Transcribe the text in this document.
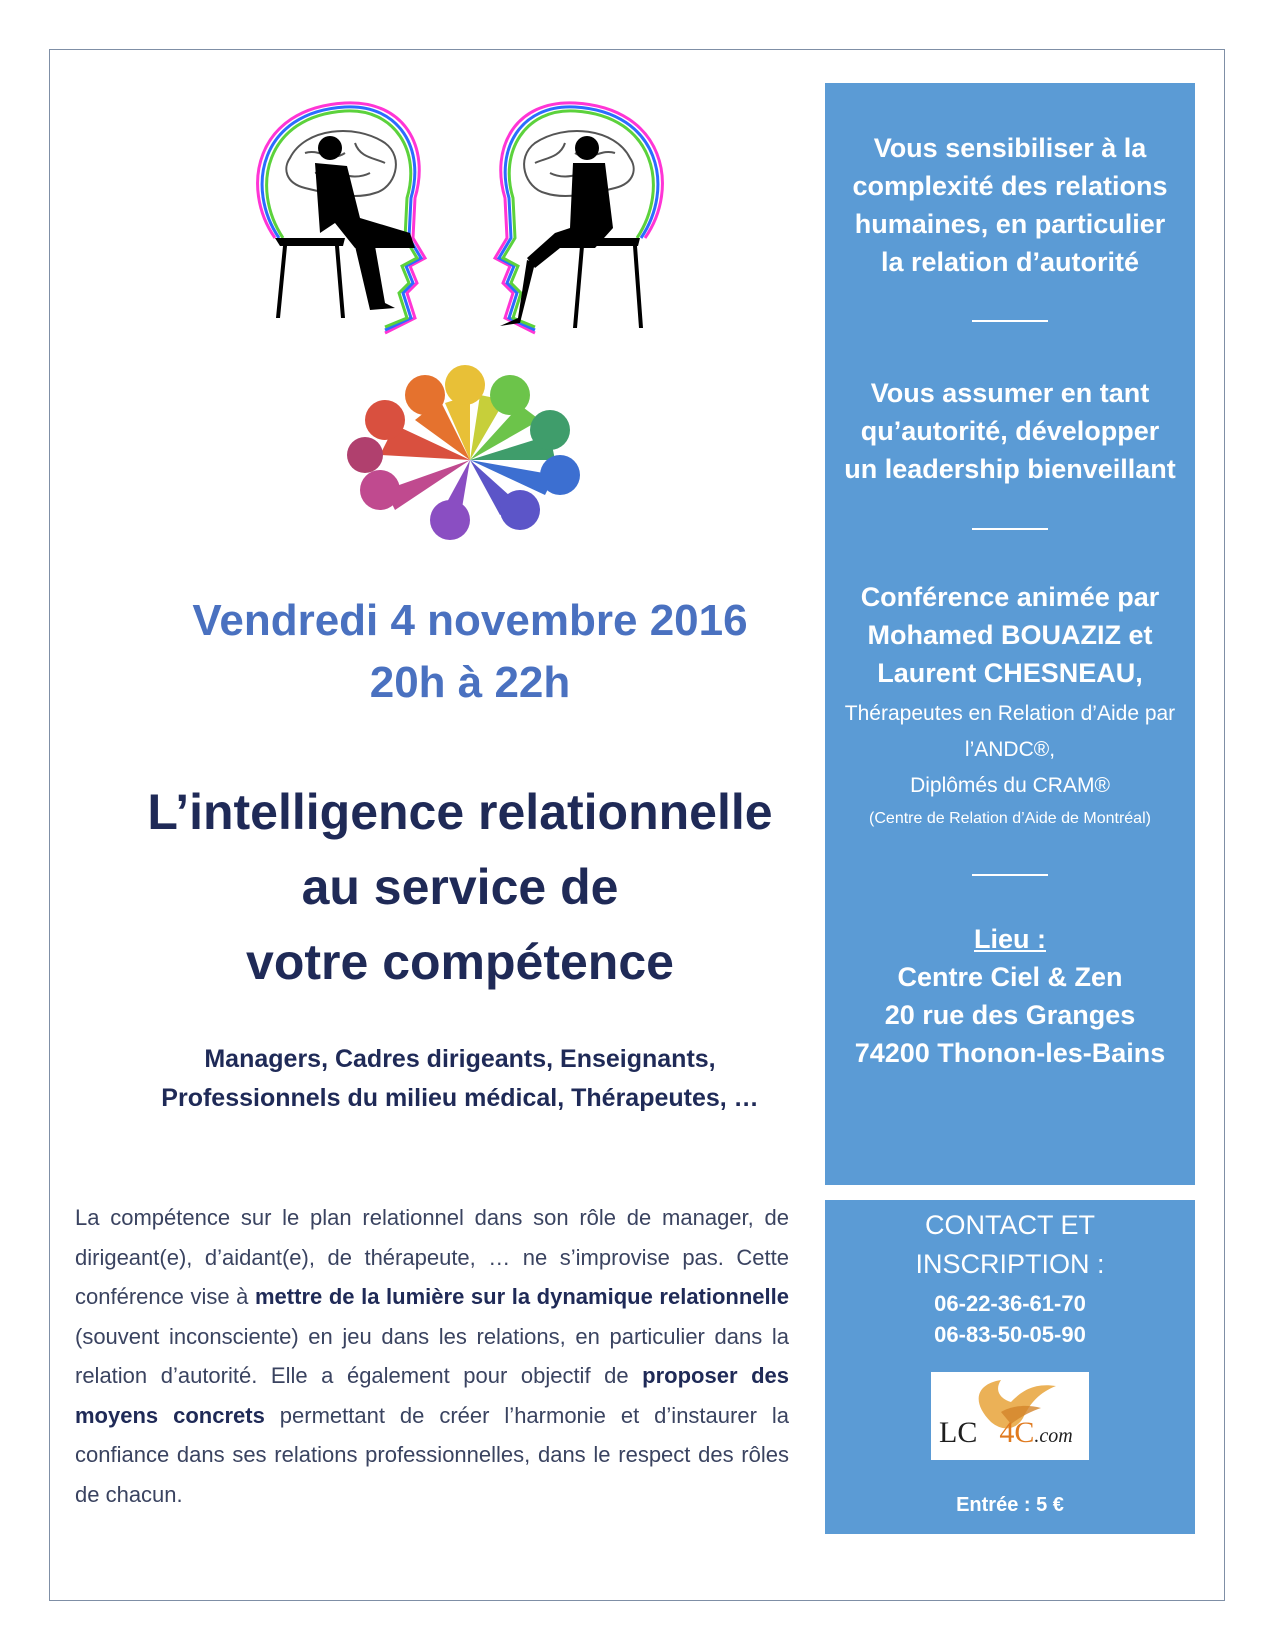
Vendredi 4 novembre 2016
20h à 22h
L’intelligence relationnelle
au service de
votre compétence
Managers, Cadres dirigeants, Enseignants,
Professionnels du milieu médical, Thérapeutes, …
La compétence sur le plan relationnel dans son rôle de manager, de dirigeant(e), d’aidant(e), de thérapeute, … ne s’improvise pas. Cette conférence vise à mettre de la lumière sur la dynamique relationnelle (souvent inconsciente) en jeu dans les relations, en particulier dans la relation d’autorité. Elle a également pour objectif de proposer des moyens concrets permettant de créer l’harmonie et d’instaurer la confiance dans ses relations professionnelles, dans le respect des rôles de chacun.
Vous sensibiliser à la complexité des relations humaines, en particulier la relation d’autorité
Vous assumer en tant qu’autorité, développer un leadership bienveillant
Conférence animée par Mohamed BOUAZIZ et Laurent CHESNEAU,
Thérapeutes en Relation d’Aide par l’ANDC®,
Diplômés du CRAM®
(Centre de Relation d’Aide de Montréal)
Lieu :
Centre Ciel & Zen
20 rue des Granges
74200 Thonon-les-Bains
CONTACT ET
INSCRIPTION :
06-22-36-61-70
06-83-50-05-90
LC 4C.com
Entrée : 5 €
